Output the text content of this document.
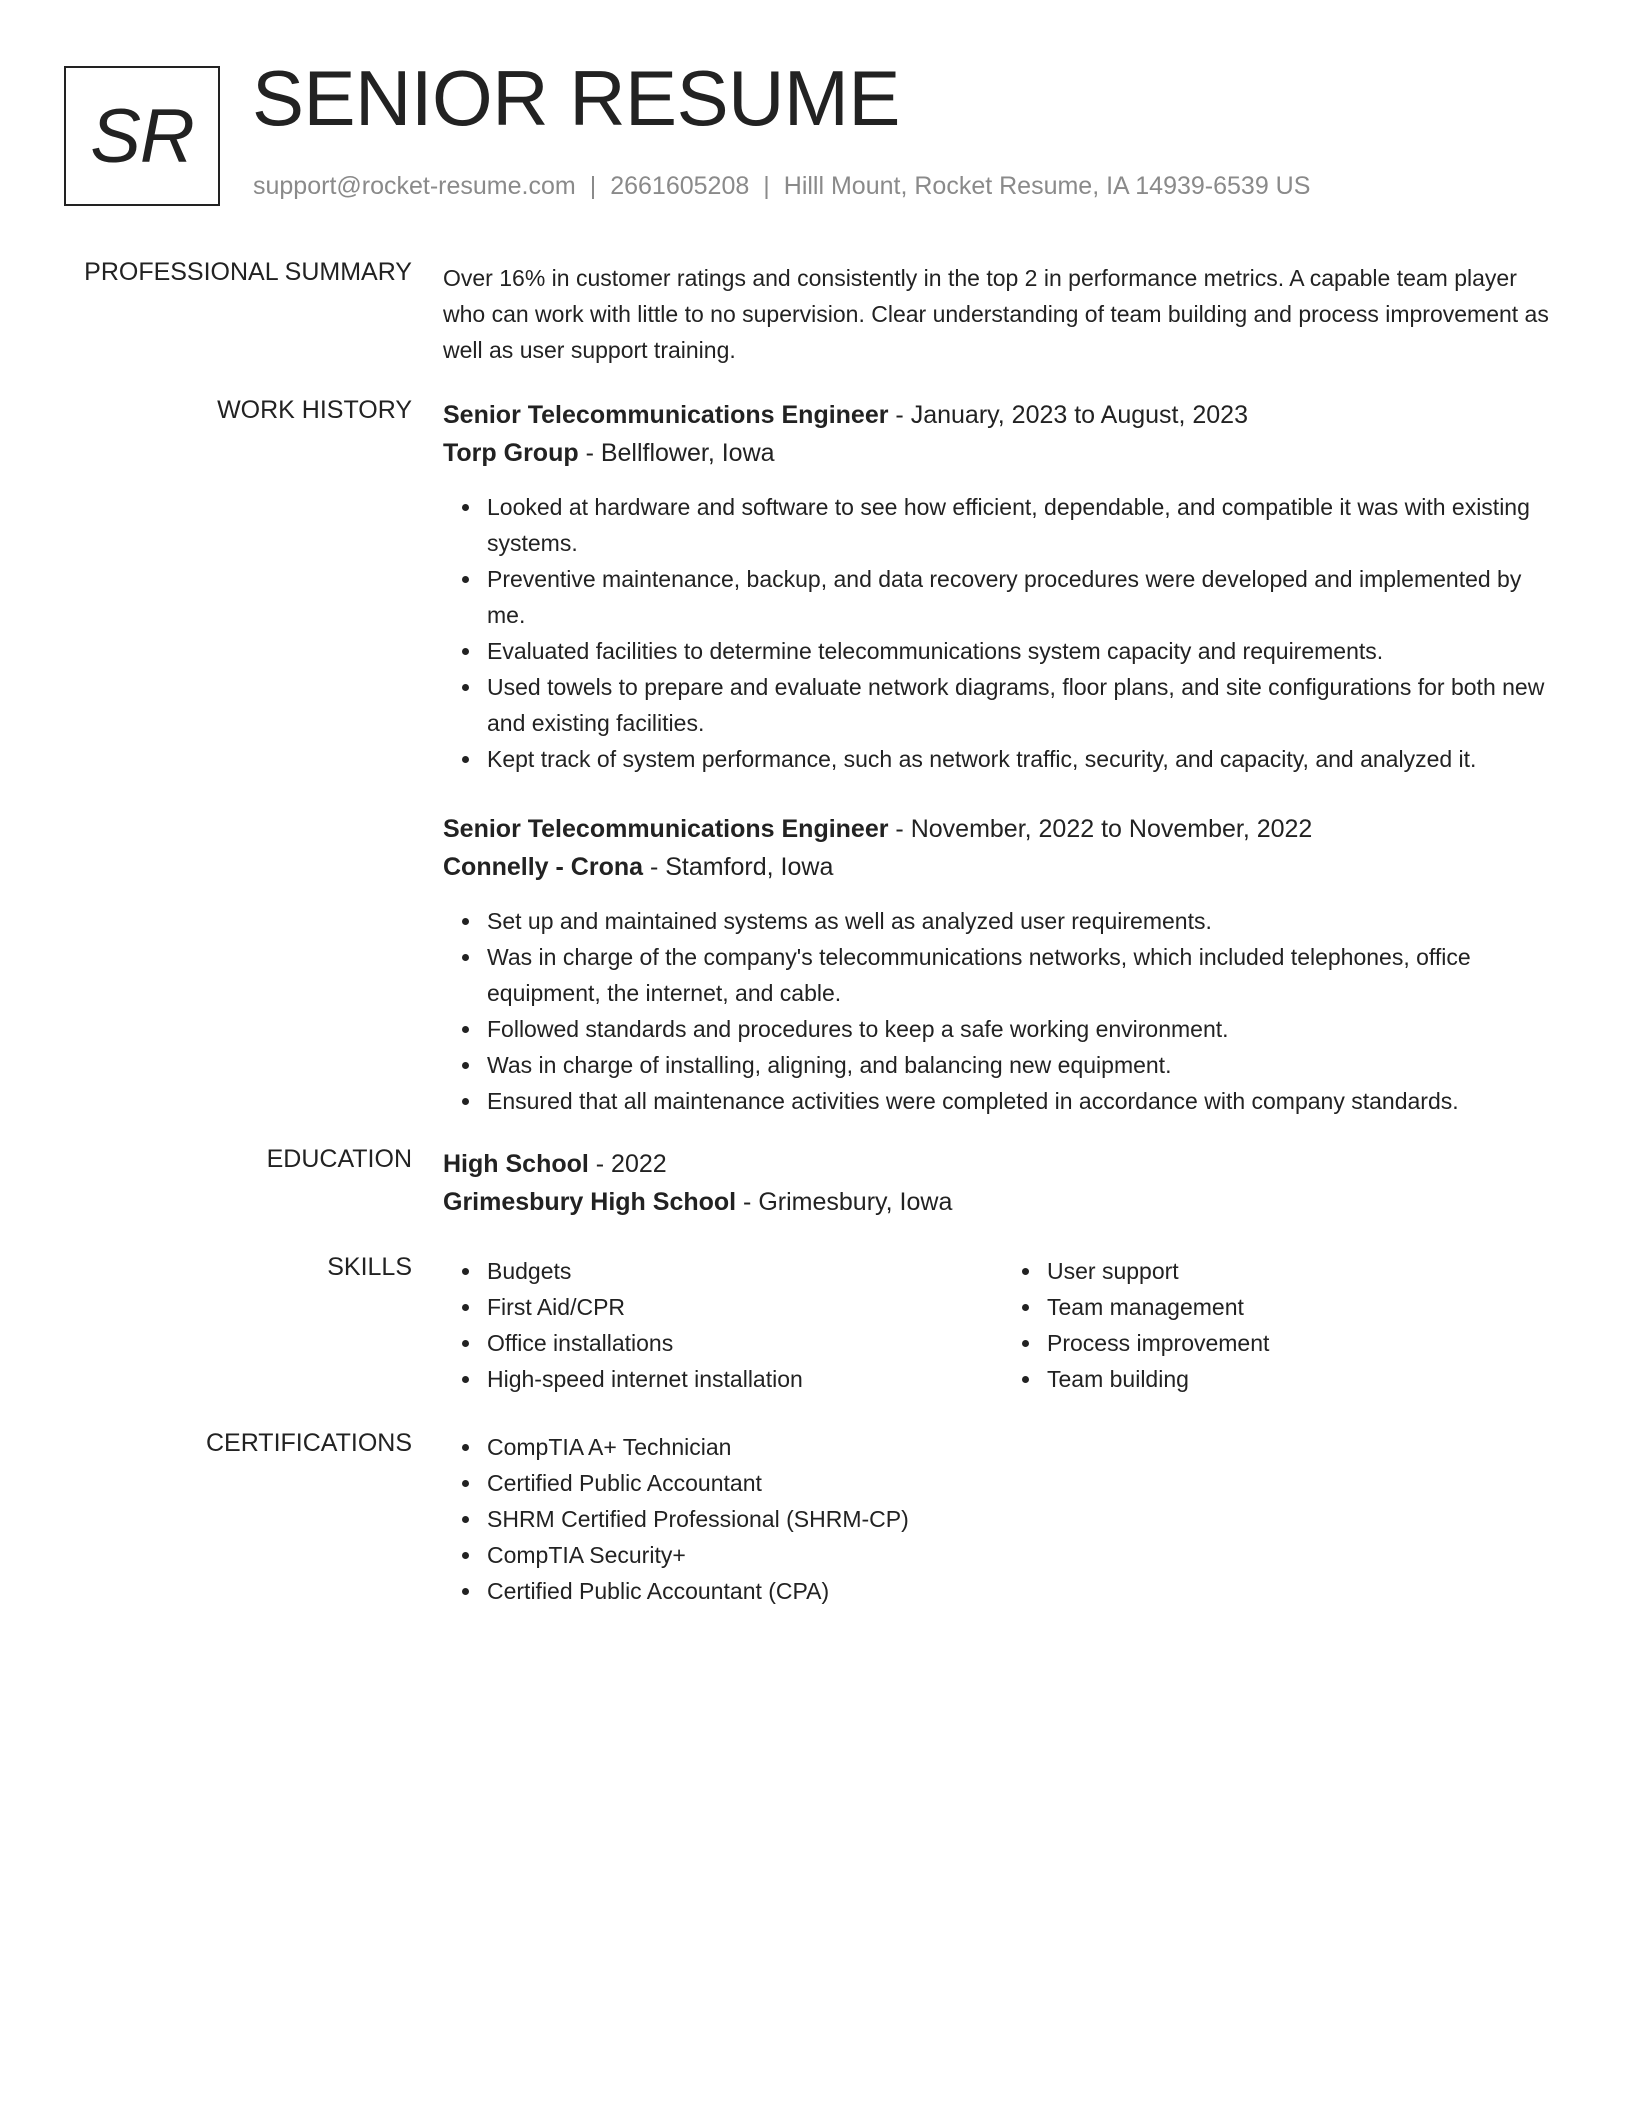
SR SENIOR RESUME
support@rocket-resume.com | 2661605208 | Hilll Mount, Rocket Resume, IA 14939-6539 US
PROFESSIONAL SUMMARY Over 16% in customer ratings and consistently in the top 2 in performance metrics. A capable team player who can work with little to no supervision. Clear understanding of team building and process improvement as well as user support training.

WORK HISTORY Senior Telecommunications Engineer - January, 2023 to August, 2023
Torp Group - Bellflower, Iowa
Looked at hardware and software to see how efficient, dependable, and compatible it was with existing systems.
Preventive maintenance, backup, and data recovery procedures were developed and implemented by me.
Evaluated facilities to determine telecommunications system capacity and requirements.
Used towels to prepare and evaluate network diagrams, floor plans, and site configurations for both new and existing facilities.
Kept track of system performance, such as network traffic, security, and capacity, and analyzed it.
Senior Telecommunications Engineer - November, 2022 to November, 2022
Connelly - Crona - Stamford, Iowa
Set up and maintained systems as well as analyzed user requirements.
Was in charge of the company's telecommunications networks, which included telephones, office equipment, the internet, and cable.
Followed standards and procedures to keep a safe working environment.
Was in charge of installing, aligning, and balancing new equipment.
Ensured that all maintenance activities were completed in accordance with company standards.
EDUCATION High School - 2022
Grimesbury High School - Grimesbury, Iowa
SKILLS	Budgets
First Aid/CPR
Office installations
High-speed internet installation
User support
Team management
Process improvement
Team building
CERTIFICATIONS	CompTIA A+ Technician
Certified Public Accountant
SHRM Certified Professional (SHRM-CP)
CompTIA Security+
Certified Public Accountant (CPA)
